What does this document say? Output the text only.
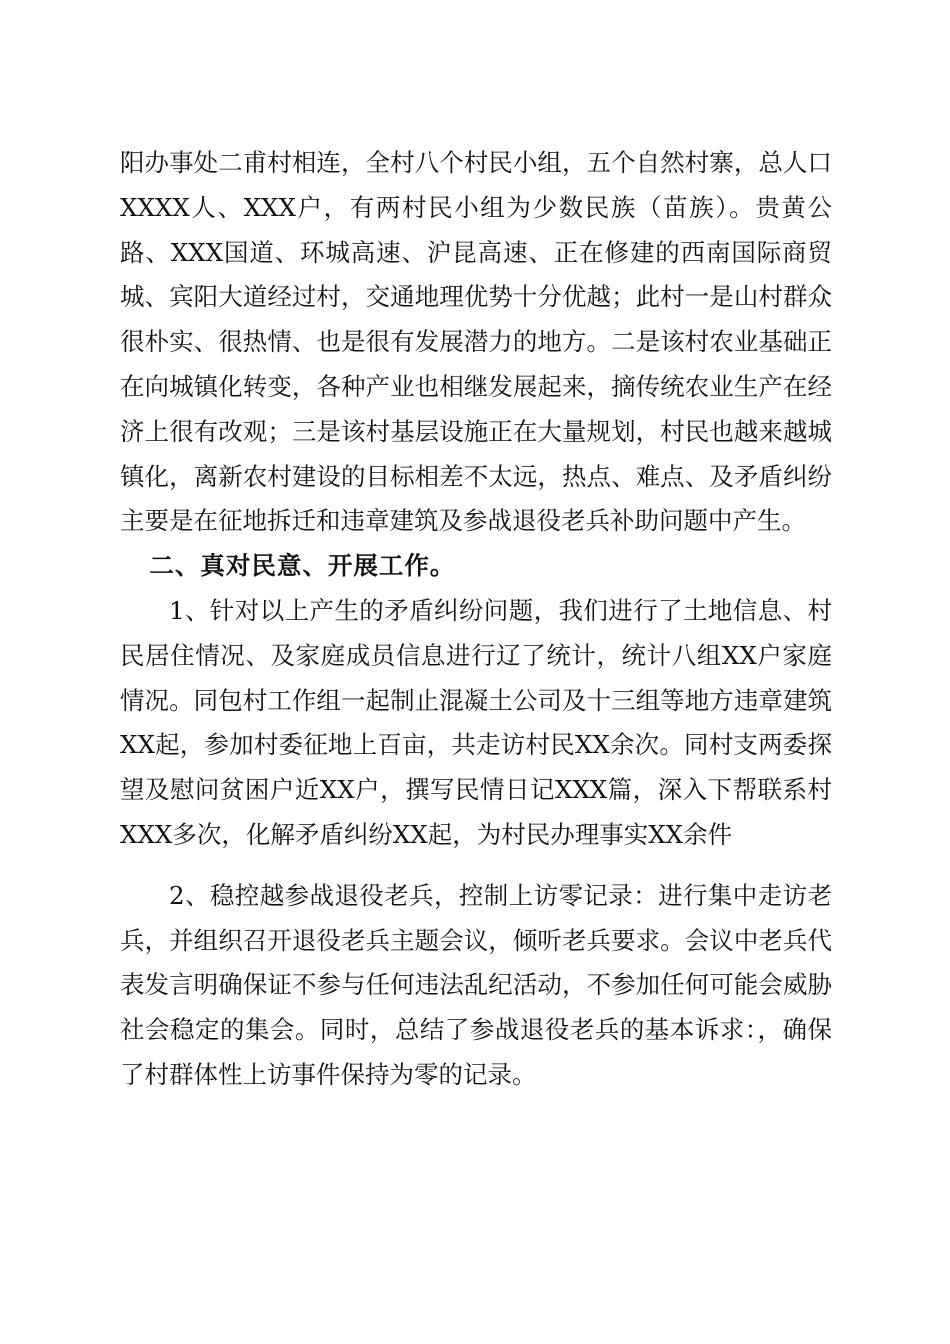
阳办事处二甫村相连，全村八个村民小组，五个自然村寨，总人口XXXX人、XXX户，有两村民小组为少数民族（苗族）。贵黄公路、XXX国道、环城高速、沪昆高速、正在修建的西南国际商贸城、宾阳大道经过村，交通地理优势十分优越；此村一是山村群众很朴实、很热情、也是很有发展潜力的地方。二是该村农业基础正在向城镇化转变，各种产业也相继发展起来，摘传统农业生产在经济上很有改观；三是该村基层设施正在大量规划，村民也越来越城镇化，离新农村建设的目标相差不太远，热点、难点、及矛盾纠纷主要是在征地拆迁和违章建筑及参战退役老兵补助问题中产生。

二、真对民意、开展工作。

1、针对以上产生的矛盾纠纷问题，我们进行了土地信息、村民居住情况、及家庭成员信息进行辽了统计，统计八组XX户家庭情况。同包村工作组一起制止混凝土公司及十三组等地方违章建筑XX起，参加村委征地上百亩，共走访村民XX余次。同村支两委探望及慰问贫困户近XX户，撰写民情日记XXX篇，深入下帮联系村XXX多次，化解矛盾纠纷XX起，为村民办理事实XX余件

2、稳控越参战退役老兵，控制上访零记录：进行集中走访老兵，并组织召开退役老兵主题会议，倾听老兵要求。会议中老兵代表发言明确保证不参与任何违法乱纪活动，不参加任何可能会威胁社会稳定的集会。同时，总结了参战退役老兵的基本诉求：，确保了村群体性上访事件保持为零的记录。
